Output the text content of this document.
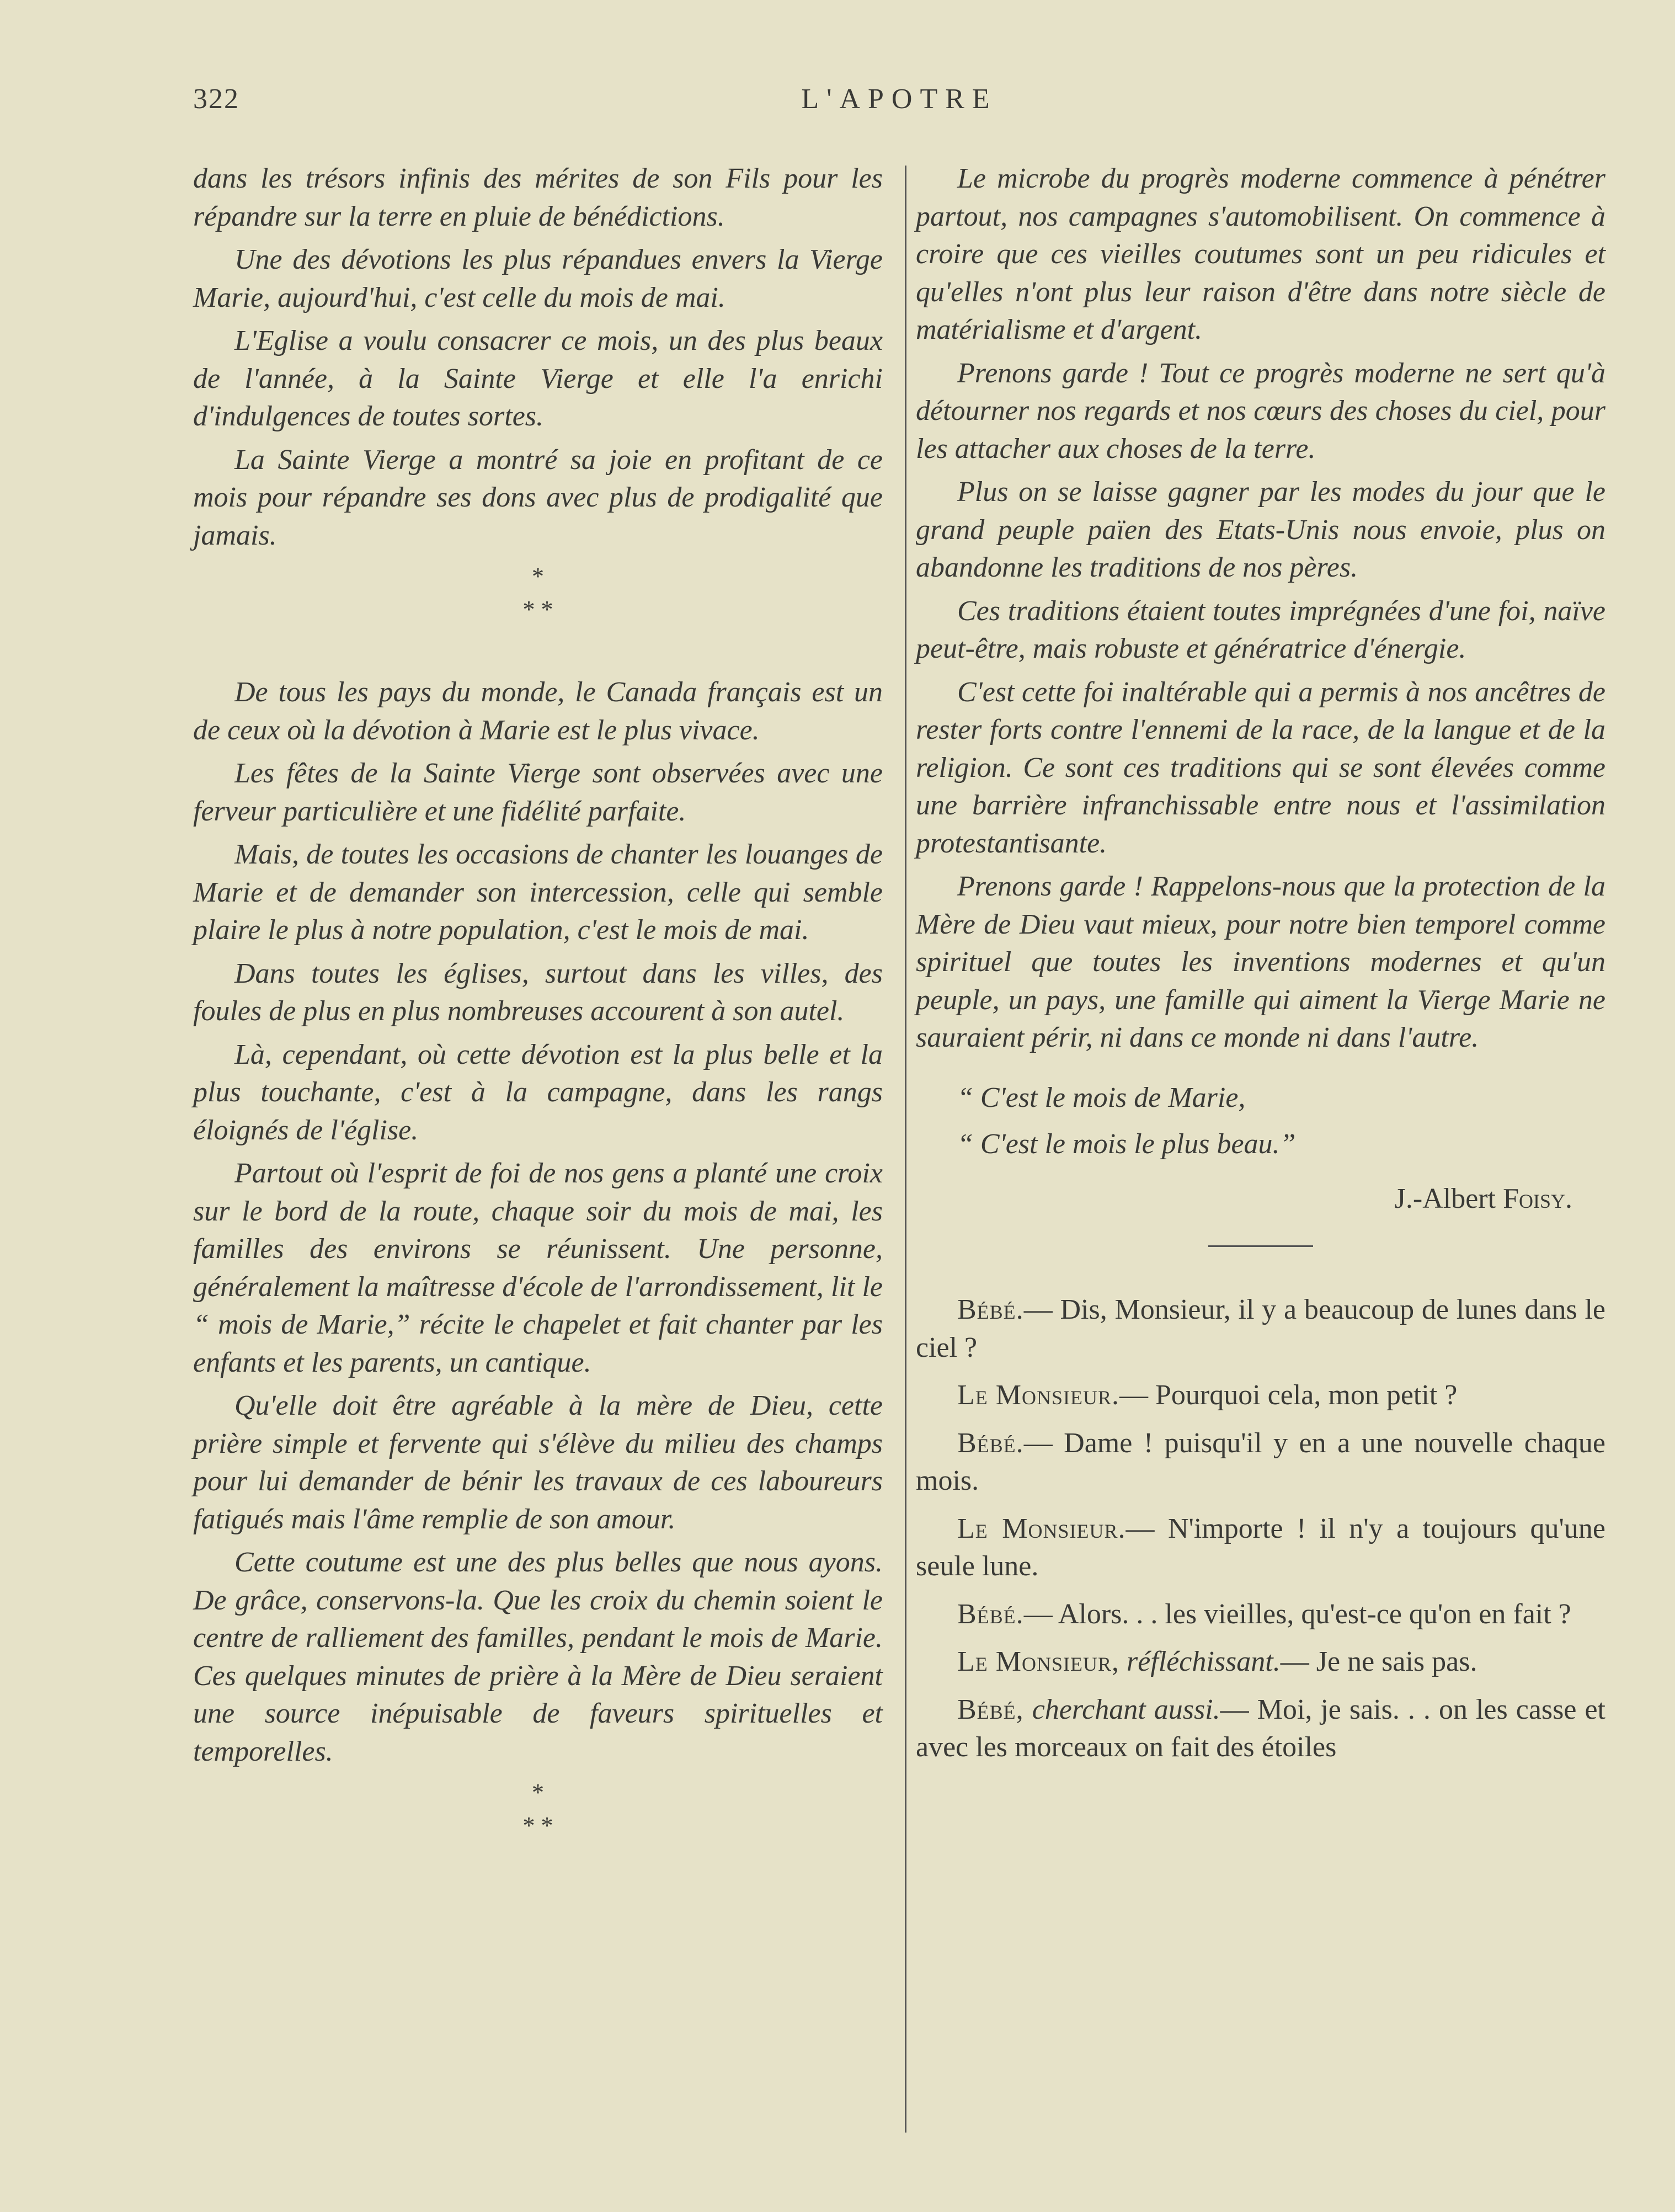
322	L'APOTRE

dans les trésors infinis des mérites de son Fils pour les répandre sur la terre en pluie de bénédictions.

Une des dévotions les plus répandues envers la Vierge Marie, aujourd'hui, c'est celle du mois de mai.

L'Eglise a voulu consacrer ce mois, un des plus beaux de l'année, à la Sainte Vierge et elle l'a enrichi d'indulgences de toutes sortes.

La Sainte Vierge a montré sa joie en profitant de ce mois pour répandre ses dons avec plus de prodigalité que jamais.

*
* *

De tous les pays du monde, le Canada français est un de ceux où la dévotion à Marie est le plus vivace.

Les fêtes de la Sainte Vierge sont observées avec une ferveur particulière et une fidélité parfaite.

Mais, de toutes les occasions de chanter les louanges de Marie et de demander son intercession, celle qui semble plaire le plus à notre population, c'est le mois de mai.

Dans toutes les églises, surtout dans les villes, des foules de plus en plus nombreuses accourent à son autel.

Là, cependant, où cette dévotion est la plus belle et la plus touchante, c'est à la campagne, dans les rangs éloignés de l'église.

Partout où l'esprit de foi de nos gens a planté une croix sur le bord de la route, chaque soir du mois de mai, les familles des environs se réunissent. Une personne, généralement la maîtresse d'école de l'arrondissement, lit le “ mois de Marie,” récite le chapelet et fait chanter par les enfants et les parents, un cantique.

Qu'elle doit être agréable à la mère de Dieu, cette prière simple et fervente qui s'élève du milieu des champs pour lui demander de bénir les travaux de ces laboureurs fatigués mais l'âme remplie de son amour.

Cette coutume est une des plus belles que nous ayons. De grâce, conservons-la. Que les croix du chemin soient le centre de ralliement des familles, pendant le mois de Marie. Ces quelques minutes de prière à la Mère de Dieu seraient une source inépuisable de faveurs spirituelles et temporelles.

*
* *

Le microbe du progrès moderne commence à pénétrer partout, nos campagnes s'automobilisent. On commence à croire que ces vieilles coutumes sont un peu ridicules et qu'elles n'ont plus leur raison d'être dans notre siècle de matérialisme et d'argent.

Prenons garde ! Tout ce progrès moderne ne sert qu'à détourner nos regards et nos cœurs des choses du ciel, pour les attacher aux choses de la terre.

Plus on se laisse gagner par les modes du jour que le grand peuple païen des Etats-Unis nous envoie, plus on abandonne les traditions de nos pères.

Ces traditions étaient toutes imprégnées d'une foi, naïve peut-être, mais robuste et génératrice d'énergie.

C'est cette foi inaltérable qui a permis à nos ancêtres de rester forts contre l'ennemi de la race, de la langue et de la religion. Ce sont ces traditions qui se sont élevées comme une barrière infranchissable entre nous et l'assimilation protestantisante.

Prenons garde ! Rappelons-nous que la protection de la Mère de Dieu vaut mieux, pour notre bien temporel comme spirituel que toutes les inventions modernes et qu'un peuple, un pays, une famille qui aiment la Vierge Marie ne sauraient périr, ni dans ce monde ni dans l'autre.

“ C'est le mois de Marie,
“ C'est le mois le plus beau.”
J.-Albert Foisy.

Bébé.— Dis, Monsieur, il y a beaucoup de lunes dans le ciel ?

Le Monsieur.— Pourquoi cela, mon petit ?

Bébé.— Dame ! puisqu'il y en a une nouvelle chaque mois.

Le Monsieur.— N'importe ! il n'y a toujours qu'une seule lune.

Bébé.— Alors. . . les vieilles, qu'est-ce qu'on en fait ?

Le Monsieur, réfléchissant.— Je ne sais pas.

Bébé, cherchant aussi.— Moi, je sais. . . on les casse et avec les morceaux on fait des étoiles
